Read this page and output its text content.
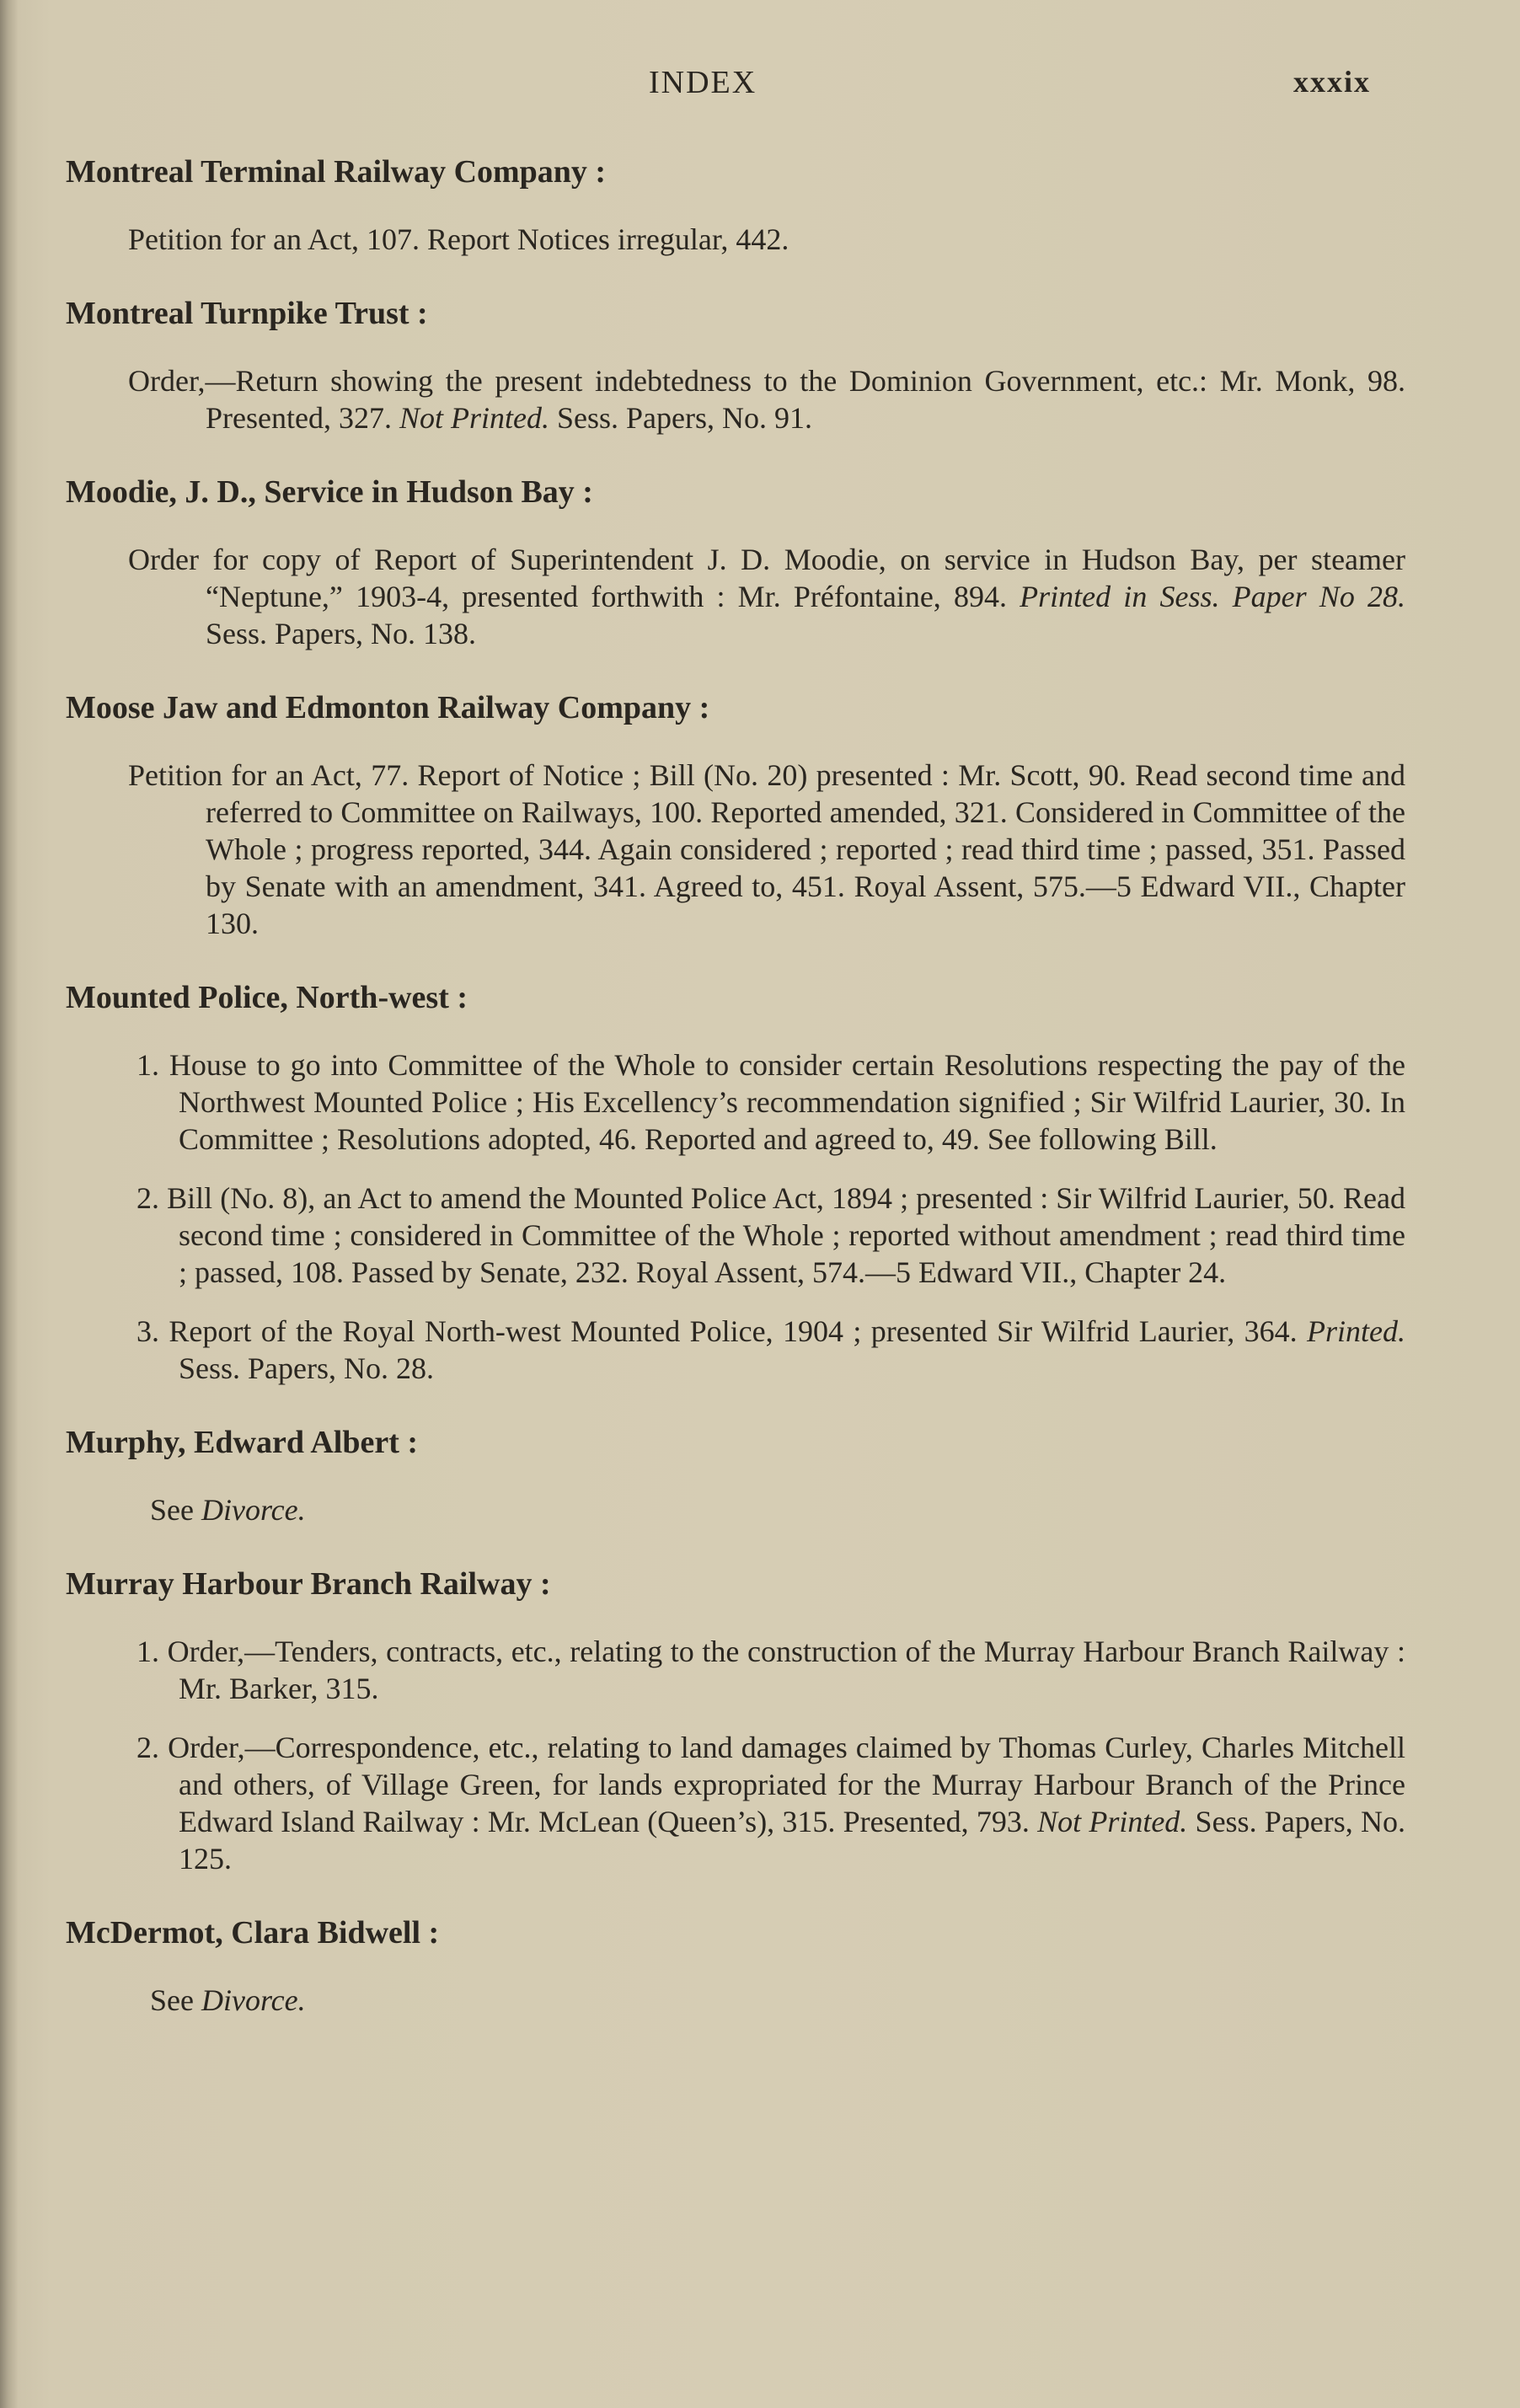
INDEX	xxxix
Montreal Terminal Railway Company :

Petition for an Act, 107. Report Notices irregular, 442.

Montreal Turnpike Trust :

Order,—Return showing the present indebtedness to the Dominion Government, etc.: Mr. Monk, 98. Presented, 327. Not Printed. Sess. Papers, No. 91.

Moodie, J. D., Service in Hudson Bay :

Order for copy of Report of Superintendent J. D. Moodie, on service in Hudson Bay, per steamer “Neptune,” 1903-4, presented forthwith : Mr. Préfontaine, 894. Printed in Sess. Paper No 28. Sess. Papers, No. 138.

Moose Jaw and Edmonton Railway Company :

Petition for an Act, 77. Report of Notice ; Bill (No. 20) presented : Mr. Scott, 90. Read second time and referred to Committee on Railways, 100. Reported amended, 321. Considered in Committee of the Whole ; progress reported, 344. Again considered ; reported ; read third time ; passed, 351. Passed by Senate with an amendment, 341. Agreed to, 451. Royal Assent, 575.—5 Edward VII., Chapter 130.

Mounted Police, North-west :

1. House to go into Committee of the Whole to consider certain Resolutions respecting the pay of the Northwest Mounted Police ; His Excellency’s recommendation signified ; Sir Wilfrid Laurier, 30. In Committee ; Resolutions adopted, 46. Reported and agreed to, 49. See following Bill.

2. Bill (No. 8), an Act to amend the Mounted Police Act, 1894 ; presented : Sir Wilfrid Laurier, 50. Read second time ; considered in Committee of the Whole ; reported without amendment ; read third time ; passed, 108. Passed by Senate, 232. Royal Assent, 574.—5 Edward VII., Chapter 24.

3. Report of the Royal North-west Mounted Police, 1904 ; presented Sir Wilfrid Laurier, 364. Printed. Sess. Papers, No. 28.

Murphy, Edward Albert :

See Divorce.

Murray Harbour Branch Railway :

1. Order,—Tenders, contracts, etc., relating to the construction of the Murray Harbour Branch Railway : Mr. Barker, 315.

2. Order,—Correspondence, etc., relating to land damages claimed by Thomas Curley, Charles Mitchell and others, of Village Green, for lands expropriated for the Murray Harbour Branch of the Prince Edward Island Railway : Mr. McLean (Queen’s), 315. Presented, 793. Not Printed. Sess. Papers, No. 125.

McDermot, Clara Bidwell :

See Divorce.
